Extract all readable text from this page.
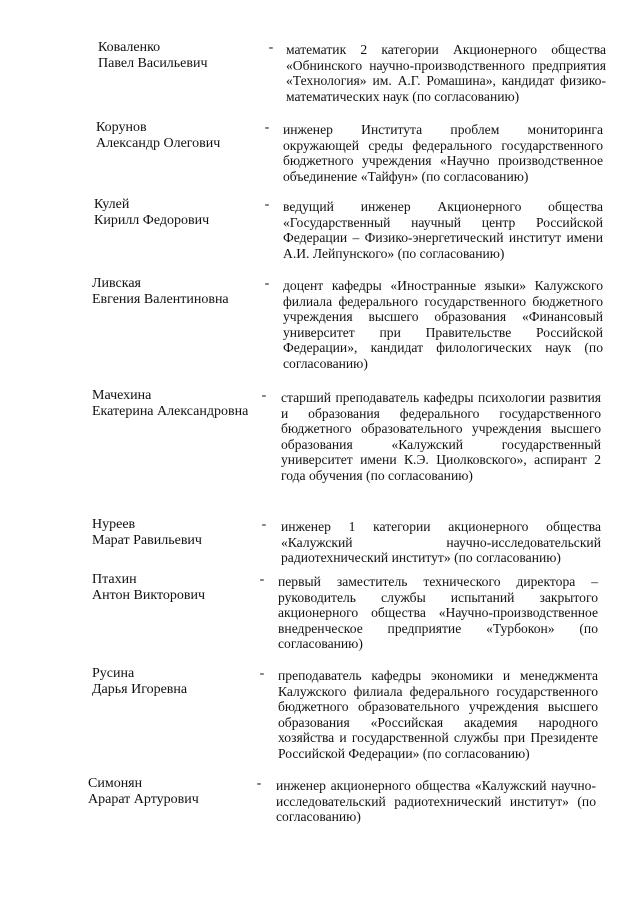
Коваленко
Павел Васильевич
- математик 2 категории Акционерного общества «Обнинского научно-производственного предприятия «Технология» им. А.Г. Ромашина», кандидат физико-математических наук (по согласованию)
Корунов
Александр Олегович
- инженер Института проблем мониторинга окружающей среды федерального государственного бюджетного учреждения «Научно производственное объединение «Тайфун» (по согласованию)
Кулей
Кирилл Федорович
- ведущий инженер Акционерного общества «Государственный научный центр Российской Федерации – Физико-энергетический институт имени А.И. Лейпунского» (по согласованию)
Ливская
Евгения Валентиновна
- доцент кафедры «Иностранные языки» Калужского филиала федерального государственного бюджетного учреждения высшего образования «Финансовый университет при Правительстве Российской Федерации», кандидат филологических наук (по согласованию)
Мачехина
Екатерина Александровна
- старший преподаватель кафедры психологии развития и образования федерального государственного бюджетного образовательного учреждения высшего образования «Калужский государственный университет имени К.Э. Циолковского», аспирант 2 года обучения (по согласованию)
Нуреев
Марат Равильевич
- инженер 1 категории акционерного общества «Калужский научно-исследовательский радиотехнический институт» (по согласованию)
Птахин
Антон Викторович
- первый заместитель технического директора – руководитель службы испытаний закрытого акционерного общества «Научно-производственное внедренческое предприятие «Турбокон» (по согласованию)
Русина
Дарья Игоревна
- преподаватель кафедры экономики и менеджмента Калужского филиала федерального государственного бюджетного образовательного учреждения высшего образования «Российская академия народного хозяйства и государственной службы при Президенте Российской Федерации» (по согласованию)
Симонян
Арарат Артурович
- инженер акционерного общества «Калужский научно-исследовательский радиотехнический институт» (по согласованию)
